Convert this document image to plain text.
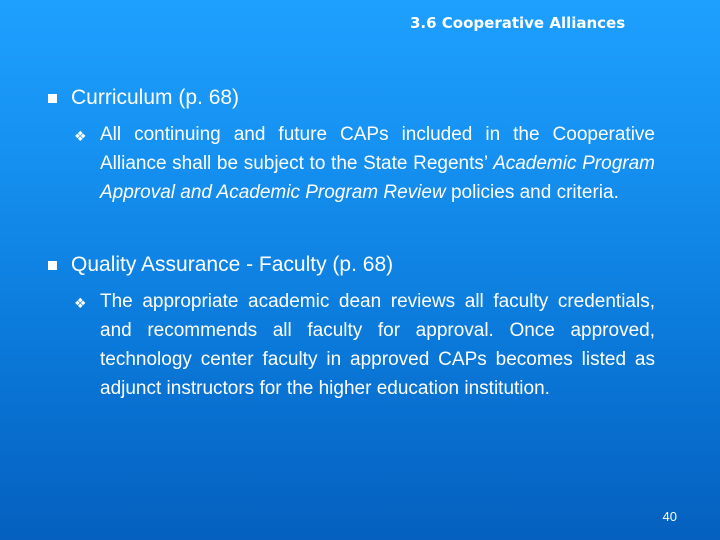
3.6 Cooperative Alliances
Curriculum (p. 68)
❖ All continuing and future CAPs included in the Cooperative Alliance shall be subject to the State Regents’ Academic Program Approval and Academic Program Review policies and criteria.
Quality Assurance - Faculty (p. 68)
❖ The appropriate academic dean reviews all faculty credentials, and recommends all faculty for approval. Once approved, technology center faculty in approved CAPs becomes listed as adjunct instructors for the higher education institution.
40
